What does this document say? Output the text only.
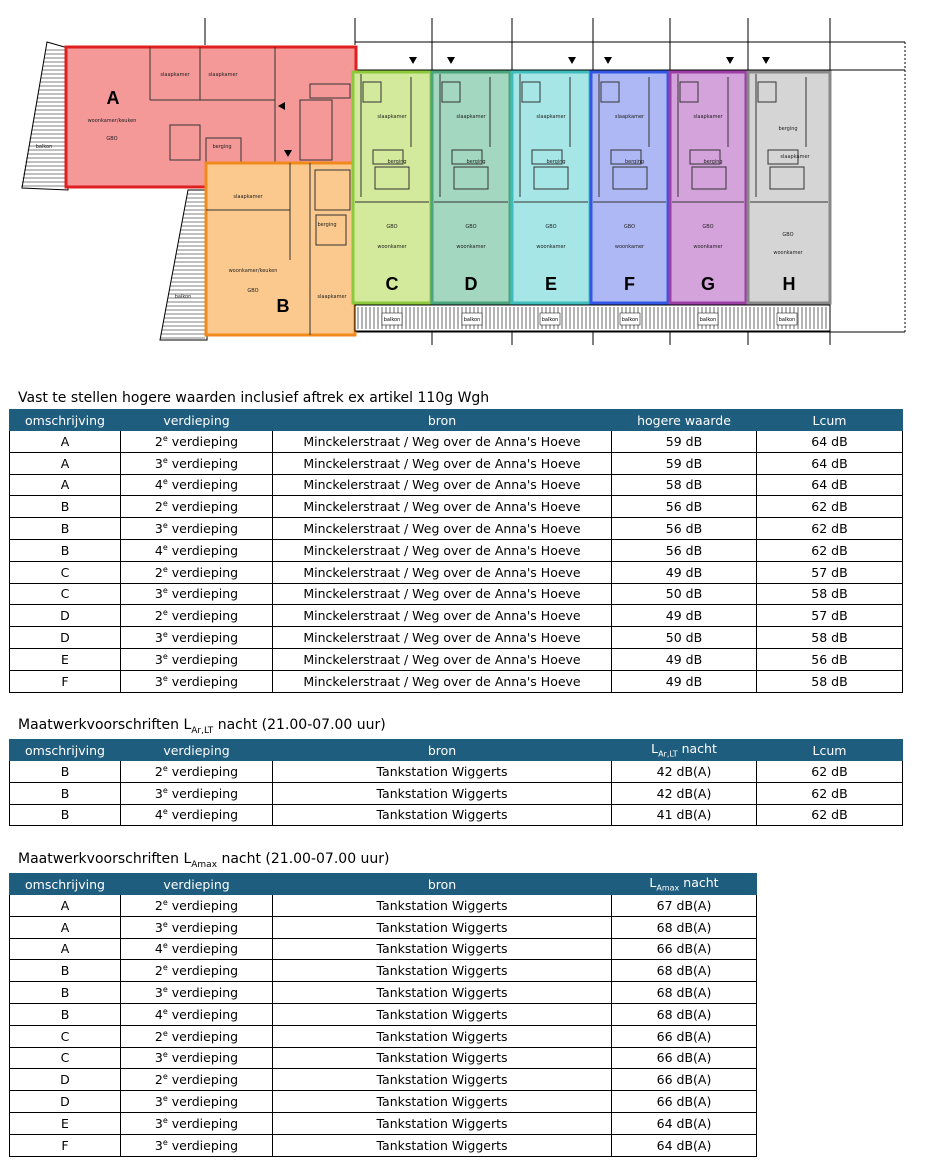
A
B
C	D	E	F	G	H
balkon	balkon	balkon	balkon	balkon	balkon
slaapkamer	slaapkamer
woonkamer/keuken
GBO
berging
balkon
slaapkamer
woonkamer/keuken
GBO
berging
slaapkamer
balkon
slaapkamer
berging
GBO
woonkamer
slaapkamer
berging
GBO
woonkamer
slaapkamer
berging
GBO
woonkamer
slaapkamer
berging
GBO
woonkamer
slaapkamer
berging
GBO
woonkamer
berging
slaapkamer
GBO
woonkamer
Vast te stellen hogere waarden inclusief aftrek ex artikel 110g Wgh
omschrijving	verdieping	bron	hogere waarde	Lcum
A	2e verdieping	Minckelerstraat / Weg over de Anna's Hoeve	59 dB	64 dB
A	3e verdieping	Minckelerstraat / Weg over de Anna's Hoeve	59 dB	64 dB
A	4e verdieping	Minckelerstraat / Weg over de Anna's Hoeve	58 dB	64 dB
B	2e verdieping	Minckelerstraat / Weg over de Anna's Hoeve	56 dB	62 dB
B	3e verdieping	Minckelerstraat / Weg over de Anna's Hoeve	56 dB	62 dB
B	4e verdieping	Minckelerstraat / Weg over de Anna's Hoeve	56 dB	62 dB
C	2e verdieping	Minckelerstraat / Weg over de Anna's Hoeve	49 dB	57 dB
C	3e verdieping	Minckelerstraat / Weg over de Anna's Hoeve	50 dB	58 dB
D	2e verdieping	Minckelerstraat / Weg over de Anna's Hoeve	49 dB	57 dB
D	3e verdieping	Minckelerstraat / Weg over de Anna's Hoeve	50 dB	58 dB
E	3e verdieping	Minckelerstraat / Weg over de Anna's Hoeve	49 dB	56 dB
F	3e verdieping	Minckelerstraat / Weg over de Anna's Hoeve	49 dB	58 dB
Maatwerkvoorschriften $L_{Ar,LT}$ nacht (21.00-07.00 uur)
omschrijving	verdieping	bron	$L_{Ar,LT}$ nacht	Lcum
B	2e verdieping	Tankstation Wiggerts	42 dB(A)	62 dB
B	3e verdieping	Tankstation Wiggerts	42 dB(A)	62 dB
B	4e verdieping	Tankstation Wiggerts	41 dB(A)	62 dB
Maatwerkvoorschriften $L_{Amax}$ nacht (21.00-07.00 uur)
omschrijving	verdieping	bron	$L_{Amax}$ nacht
A	2e verdieping	Tankstation Wiggerts	67 dB(A)
A	3e verdieping	Tankstation Wiggerts	68 dB(A)
A	4e verdieping	Tankstation Wiggerts	66 dB(A)
B	2e verdieping	Tankstation Wiggerts	68 dB(A)
B	3e verdieping	Tankstation Wiggerts	68 dB(A)
B	4e verdieping	Tankstation Wiggerts	68 dB(A)
C	2e verdieping	Tankstation Wiggerts	66 dB(A)
C	3e verdieping	Tankstation Wiggerts	66 dB(A)
D	2e verdieping	Tankstation Wiggerts	66 dB(A)
D	3e verdieping	Tankstation Wiggerts	66 dB(A)
E	3e verdieping	Tankstation Wiggerts	64 dB(A)
F	3e verdieping	Tankstation Wiggerts	64 dB(A)
